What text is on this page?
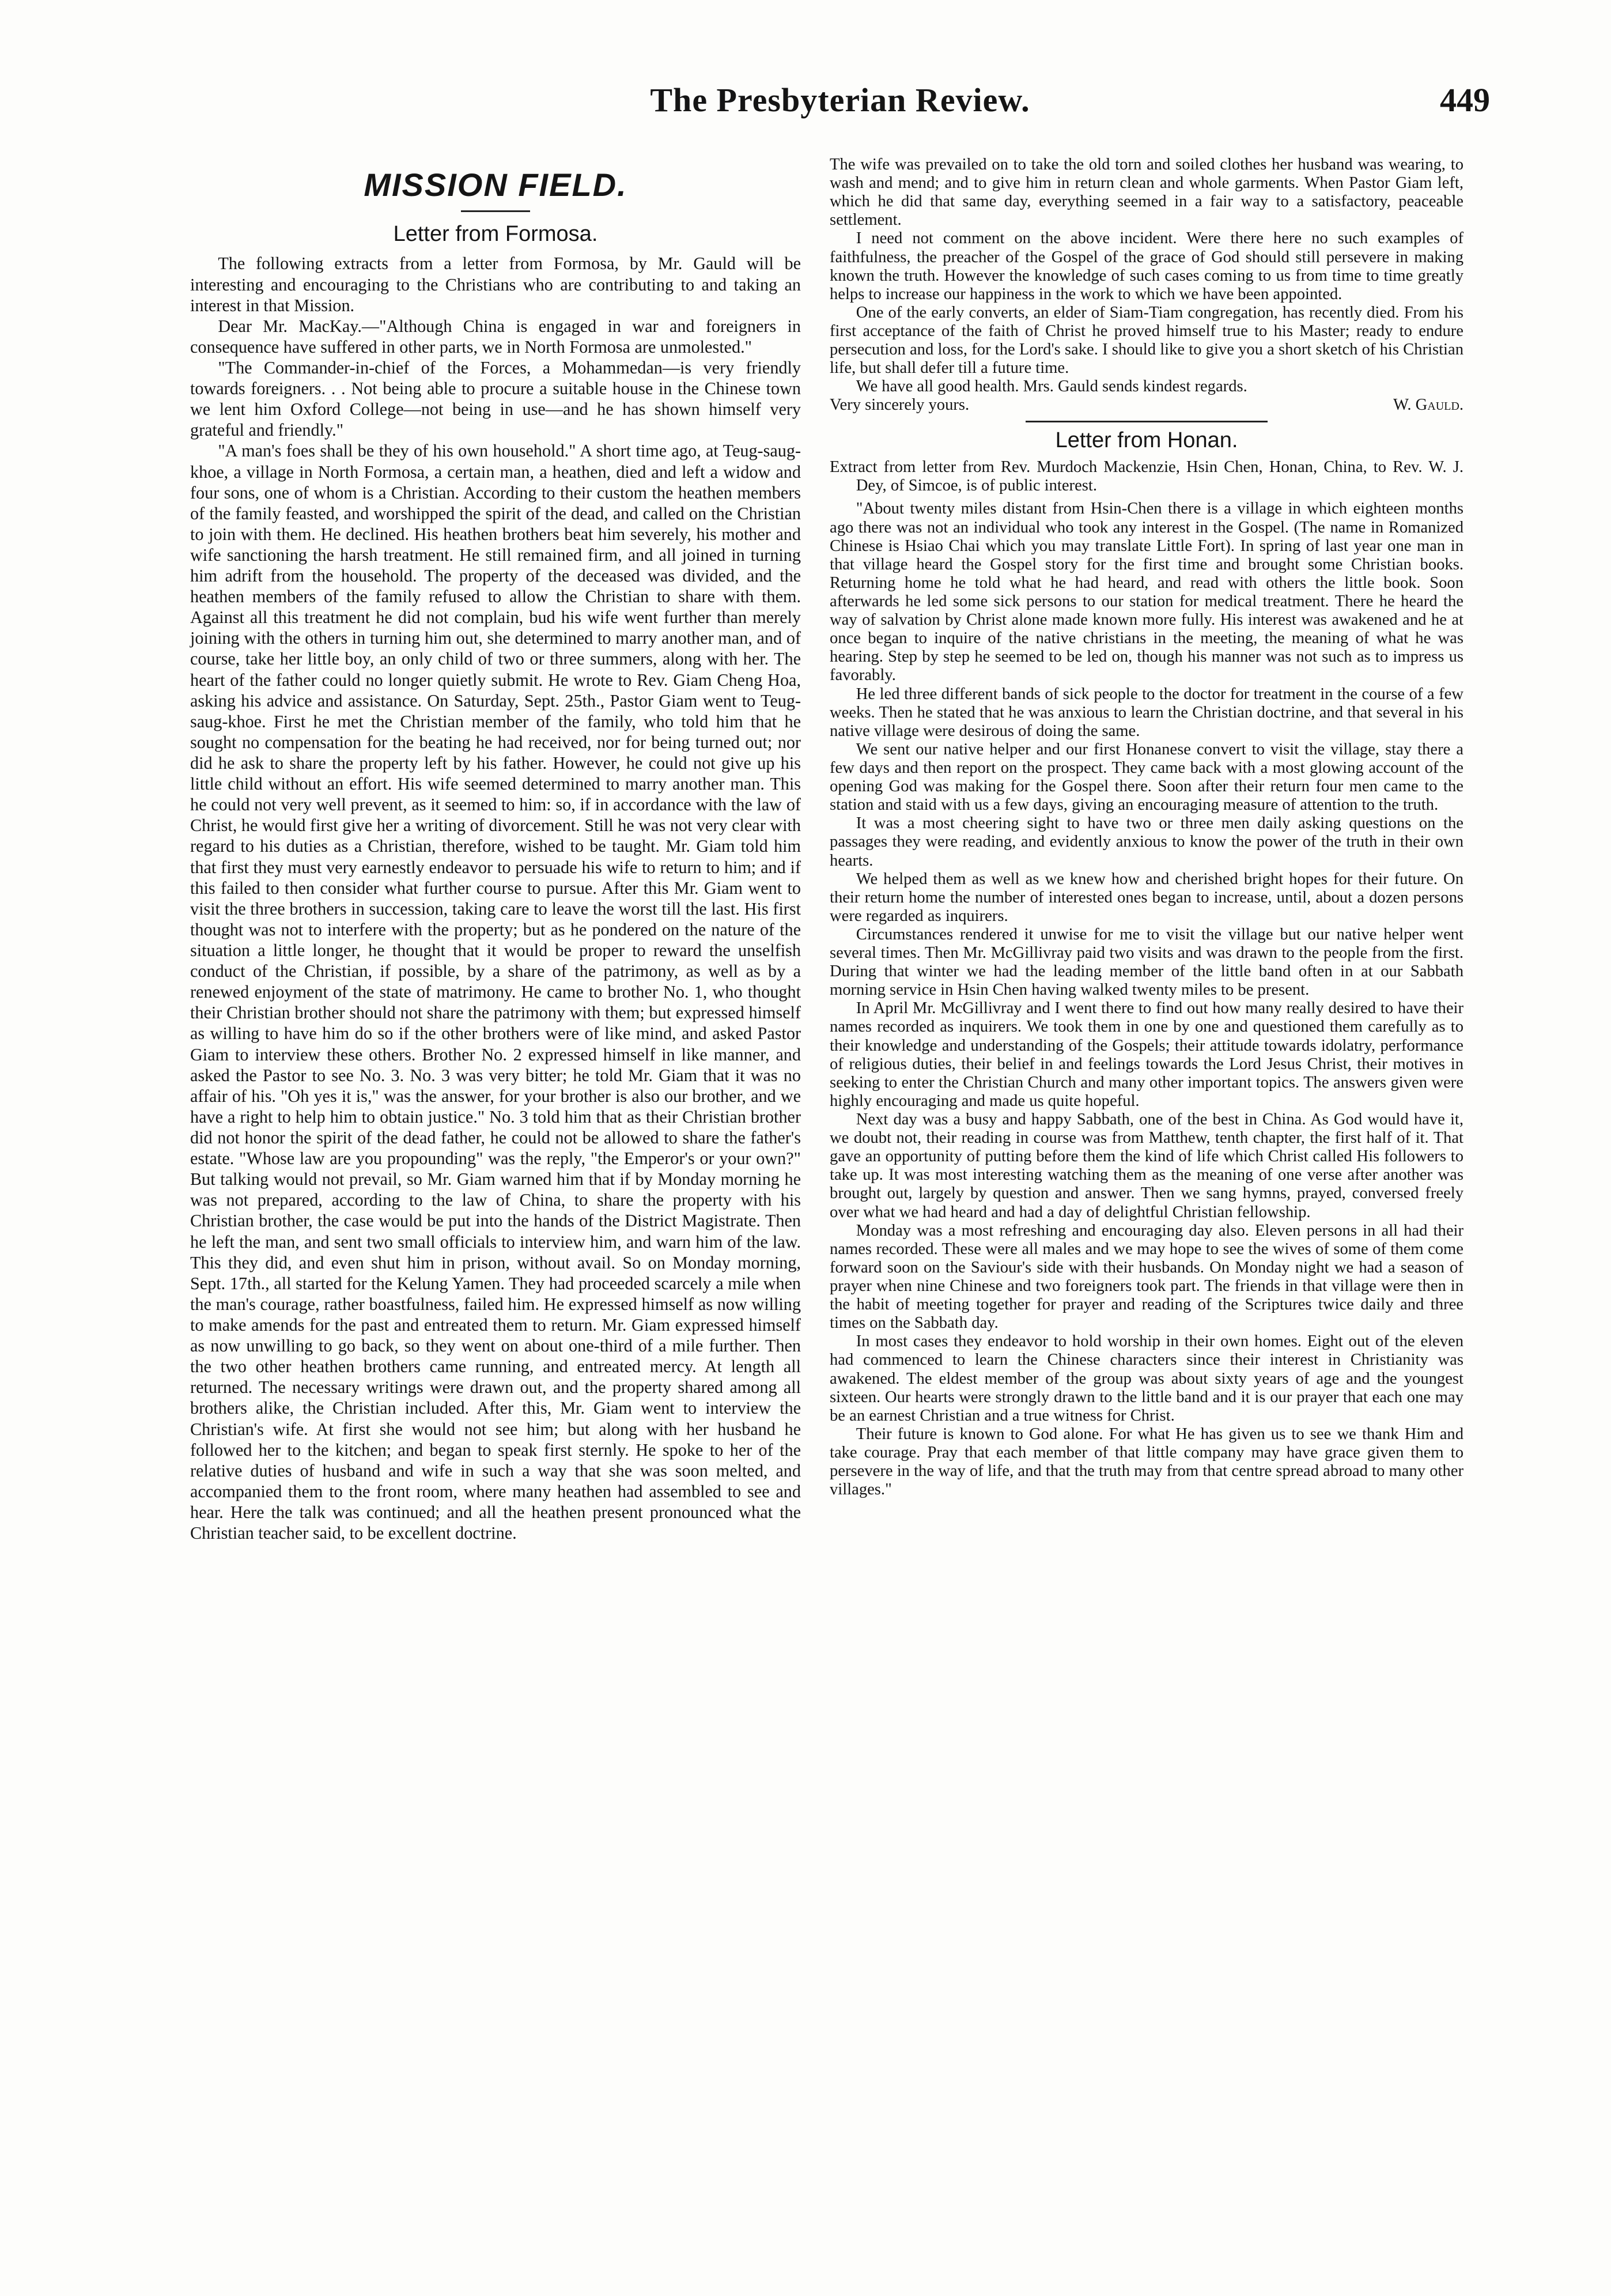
The Presbyterian Review.	449
MISSION FIELD.
Letter from Formosa.

The following extracts from a letter from Formosa, by Mr. Gauld will be interesting and encouraging to the Christians who are contributing to and taking an interest in that Mission.

Dear Mr. MacKay.—"Although China is engaged in war and foreigners in consequence have suffered in other parts, we in North Formosa are unmolested."

"The Commander-in-chief of the Forces, a Mohammedan—is very friendly towards foreigners. . . Not being able to procure a suitable house in the Chinese town we lent him Oxford College—not being in use—and he has shown himself very grateful and friendly."

"A man's foes shall be they of his own household." A short time ago, at Teug-saug-khoe, a village in North Formosa, a certain man, a heathen, died and left a widow and four sons, one of whom is a Christian. According to their custom the heathen members of the family feasted, and worshipped the spirit of the dead, and called on the Christian to join with them. He declined. His heathen brothers beat him severely, his mother and wife sanctioning the harsh treatment. He still remained firm, and all joined in turning him adrift from the household. The property of the deceased was divided, and the heathen members of the family refused to allow the Christian to share with them. Against all this treatment he did not complain, bud his wife went further than merely joining with the others in turning him out, she determined to marry another man, and of course, take her little boy, an only child of two or three summers, along with her. The heart of the father could no longer quietly submit. He wrote to Rev. Giam Cheng Hoa, asking his advice and assistance. On Saturday, Sept. 25th., Pastor Giam went to Teug-saug-khoe. First he met the Christian member of the family, who told him that he sought no compensation for the beating he had received, nor for being turned out; nor did he ask to share the property left by his father. However, he could not give up his little child without an effort. His wife seemed determined to marry another man. This he could not very well prevent, as it seemed to him: so, if in accordance with the law of Christ, he would first give her a writing of divorcement. Still he was not very clear with regard to his duties as a Christian, therefore, wished to be taught. Mr. Giam told him that first they must very earnestly endeavor to persuade his wife to return to him; and if this failed to then consider what further course to pursue. After this Mr. Giam went to visit the three brothers in succession, taking care to leave the worst till the last. His first thought was not to interfere with the property; but as he pondered on the nature of the situation a little longer, he thought that it would be proper to reward the unselfish conduct of the Christian, if possible, by a share of the patrimony, as well as by a renewed enjoyment of the state of matrimony. He came to brother No. 1, who thought their Christian brother should not share the patrimony with them; but expressed himself as willing to have him do so if the other brothers were of like mind, and asked Pastor Giam to interview these others. Brother No. 2 expressed himself in like manner, and asked the Pastor to see No. 3. No. 3 was very bitter; he told Mr. Giam that it was no affair of his. "Oh yes it is," was the answer, for your brother is also our brother, and we have a right to help him to obtain justice." No. 3 told him that as their Christian brother did not honor the spirit of the dead father, he could not be allowed to share the father's estate. "Whose law are you propounding" was the reply, "the Emperor's or your own?" But talking would not prevail, so Mr. Giam warned him that if by Monday morning he was not prepared, according to the law of China, to share the property with his Christian brother, the case would be put into the hands of the District Magistrate. Then he left the man, and sent two small officials to interview him, and warn him of the law. This they did, and even shut him in prison, without avail. So on Monday morning, Sept. 17th., all started for the Kelung Yamen. They had proceeded scarcely a mile when the man's courage, rather boastfulness, failed him. He expressed himself as now willing to make amends for the past and entreated them to return. Mr. Giam expressed himself as now unwilling to go back, so they went on about one-third of a mile further. Then the two other heathen brothers came running, and entreated mercy. At length all returned. The necessary writings were drawn out, and the property shared among all brothers alike, the Christian included. After this, Mr. Giam went to interview the Christian's wife. At first she would not see him; but along with her husband he followed her to the kitchen; and began to speak first sternly. He spoke to her of the relative duties of husband and wife in such a way that she was soon melted, and accompanied them to the front room, where many heathen had assembled to see and hear. Here the talk was continued; and all the heathen present pronounced what the Christian teacher said, to be excellent doctrine.

The wife was prevailed on to take the old torn and soiled clothes her husband was wearing, to wash and mend; and to give him in return clean and whole garments. When Pastor Giam left, which he did that same day, everything seemed in a fair way to a satisfactory, peaceable settlement.

I need not comment on the above incident. Were there here no such examples of faithfulness, the preacher of the Gospel of the grace of God should still persevere in making known the truth. However the knowledge of such cases coming to us from time to time greatly helps to increase our happiness in the work to which we have been appointed.

One of the early converts, an elder of Siam-Tiam congregation, has recently died. From his first acceptance of the faith of Christ he proved himself true to his Master; ready to endure persecution and loss, for the Lord's sake. I should like to give you a short sketch of his Christian life, but shall defer till a future time.

We have all good health. Mrs. Gauld sends kindest regards.

Very sincerely yours.	W. Gauld.
Letter from Honan.

Extract from letter from Rev. Murdoch Mackenzie, Hsin Chen, Honan, China, to Rev. W. J. Dey, of Simcoe, is of public interest.

"About twenty miles distant from Hsin-Chen there is a village in which eighteen months ago there was not an individual who took any interest in the Gospel. (The name in Romanized Chinese is Hsiao Chai which you may translate Little Fort). In spring of last year one man in that village heard the Gospel story for the first time and brought some Christian books. Returning home he told what he had heard, and read with others the little book. Soon afterwards he led some sick persons to our station for medical treatment. There he heard the way of salvation by Christ alone made known more fully. His interest was awakened and he at once began to inquire of the native christians in the meeting, the meaning of what he was hearing. Step by step he seemed to be led on, though his manner was not such as to impress us favorably.

He led three different bands of sick people to the doctor for treatment in the course of a few weeks. Then he stated that he was anxious to learn the Christian doctrine, and that several in his native village were desirous of doing the same.

We sent our native helper and our first Honanese convert to visit the village, stay there a few days and then report on the prospect. They came back with a most glowing account of the opening God was making for the Gospel there. Soon after their return four men came to the station and staid with us a few days, giving an encouraging measure of attention to the truth.

It was a most cheering sight to have two or three men daily asking questions on the passages they were reading, and evidently anxious to know the power of the truth in their own hearts.

We helped them as well as we knew how and cherished bright hopes for their future. On their return home the number of interested ones began to increase, until, about a dozen persons were regarded as inquirers.

Circumstances rendered it unwise for me to visit the village but our native helper went several times. Then Mr. McGillivray paid two visits and was drawn to the people from the first. During that winter we had the leading member of the little band often in at our Sabbath morning service in Hsin Chen having walked twenty miles to be present.

In April Mr. McGillivray and I went there to find out how many really desired to have their names recorded as inquirers. We took them in one by one and questioned them carefully as to their knowledge and understanding of the Gospels; their attitude towards idolatry, performance of religious duties, their belief in and feelings towards the Lord Jesus Christ, their motives in seeking to enter the Christian Church and many other important topics. The answers given were highly encouraging and made us quite hopeful.

Next day was a busy and happy Sabbath, one of the best in China. As God would have it, we doubt not, their reading in course was from Matthew, tenth chapter, the first half of it. That gave an opportunity of putting before them the kind of life which Christ called His followers to take up. It was most interesting watching them as the meaning of one verse after another was brought out, largely by question and answer. Then we sang hymns, prayed, conversed freely over what we had heard and had a day of delightful Christian fellowship.

Monday was a most refreshing and encouraging day also. Eleven persons in all had their names recorded. These were all males and we may hope to see the wives of some of them come forward soon on the Saviour's side with their husbands. On Monday night we had a season of prayer when nine Chinese and two foreigners took part. The friends in that village were then in the habit of meeting together for prayer and reading of the Scriptures twice daily and three times on the Sabbath day.

In most cases they endeavor to hold worship in their own homes. Eight out of the eleven had commenced to learn the Chinese characters since their interest in Christianity was awakened. The eldest member of the group was about sixty years of age and the youngest sixteen. Our hearts were strongly drawn to the little band and it is our prayer that each one may be an earnest Christian and a true witness for Christ.

Their future is known to God alone. For what He has given us to see we thank Him and take courage. Pray that each member of that little company may have grace given them to persevere in the way of life, and that the truth may from that centre spread abroad to many other villages."
